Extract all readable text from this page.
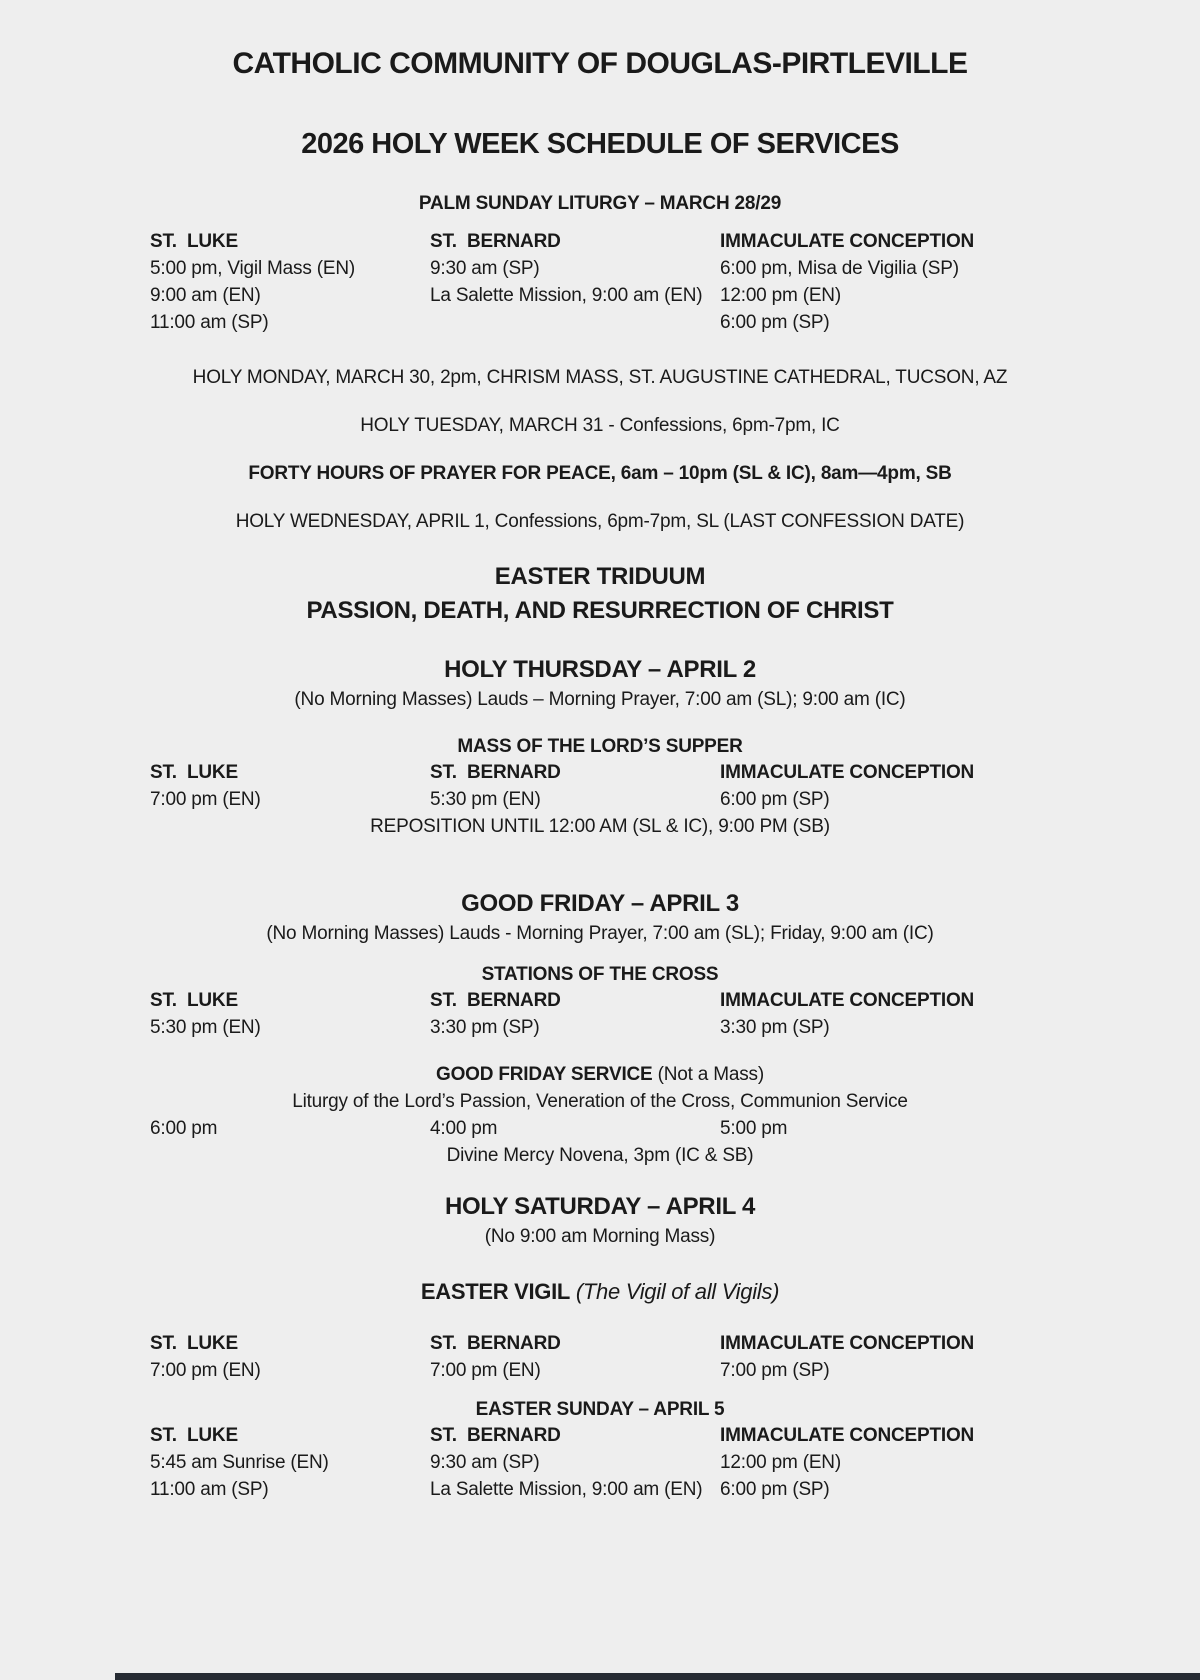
CATHOLIC COMMUNITY OF DOUGLAS-PIRTLEVILLE
2026 HOLY WEEK SCHEDULE OF SERVICES
PALM SUNDAY LITURGY – MARCH 28/29
ST.  LUKE
5:00 pm, Vigil Mass (EN)
9:00 am (EN)
11:00 am (SP)
ST.  BERNARD
9:30 am (SP)
La Salette Mission, 9:00 am (EN)
IMMACULATE CONCEPTION
6:00 pm, Misa de Vigilia (SP)
12:00 pm (EN)
6:00 pm (SP)
HOLY MONDAY, MARCH 30, 2pm, CHRISM MASS, ST. AUGUSTINE CATHEDRAL, TUCSON, AZ
HOLY TUESDAY, MARCH 31 - Confessions, 6pm-7pm, IC
FORTY HOURS OF PRAYER FOR PEACE, 6am – 10pm (SL & IC), 8am—4pm, SB
HOLY WEDNESDAY, APRIL 1, Confessions, 6pm-7pm, SL (LAST CONFESSION DATE)
EASTER TRIDUUM
PASSION, DEATH, AND RESURRECTION OF CHRIST
HOLY THURSDAY – APRIL 2
(No Morning Masses) Lauds – Morning Prayer, 7:00 am (SL); 9:00 am (IC)
MASS OF THE LORD’S SUPPER
ST.  LUKE
7:00 pm (EN)
ST.  BERNARD
5:30 pm (EN)
IMMACULATE CONCEPTION
6:00 pm (SP)
REPOSITION UNTIL 12:00 AM (SL & IC), 9:00 PM (SB)
GOOD FRIDAY – APRIL 3
(No Morning Masses) Lauds - Morning Prayer, 7:00 am (SL); Friday, 9:00 am (IC)
STATIONS OF THE CROSS
ST.  LUKE
5:30 pm (EN)
ST.  BERNARD
3:30 pm (SP)
IMMACULATE CONCEPTION
3:30 pm (SP)
GOOD FRIDAY SERVICE (Not a Mass)
Liturgy of the Lord’s Passion, Veneration of the Cross, Communion Service
6:00 pm	4:00 pm	5:00 pm
Divine Mercy Novena, 3pm (IC & SB)
HOLY SATURDAY – APRIL 4
(No 9:00 am Morning Mass)
EASTER VIGIL (The Vigil of all Vigils)
ST.  LUKE
7:00 pm (EN)
ST.  BERNARD
7:00 pm (EN)
IMMACULATE CONCEPTION
7:00 pm (SP)
EASTER SUNDAY – APRIL 5
ST.  LUKE
5:45 am Sunrise (EN)
11:00 am (SP)
ST.  BERNARD
9:30 am (SP)
La Salette Mission, 9:00 am (EN)
IMMACULATE CONCEPTION
12:00 pm (EN)
6:00 pm (SP)
